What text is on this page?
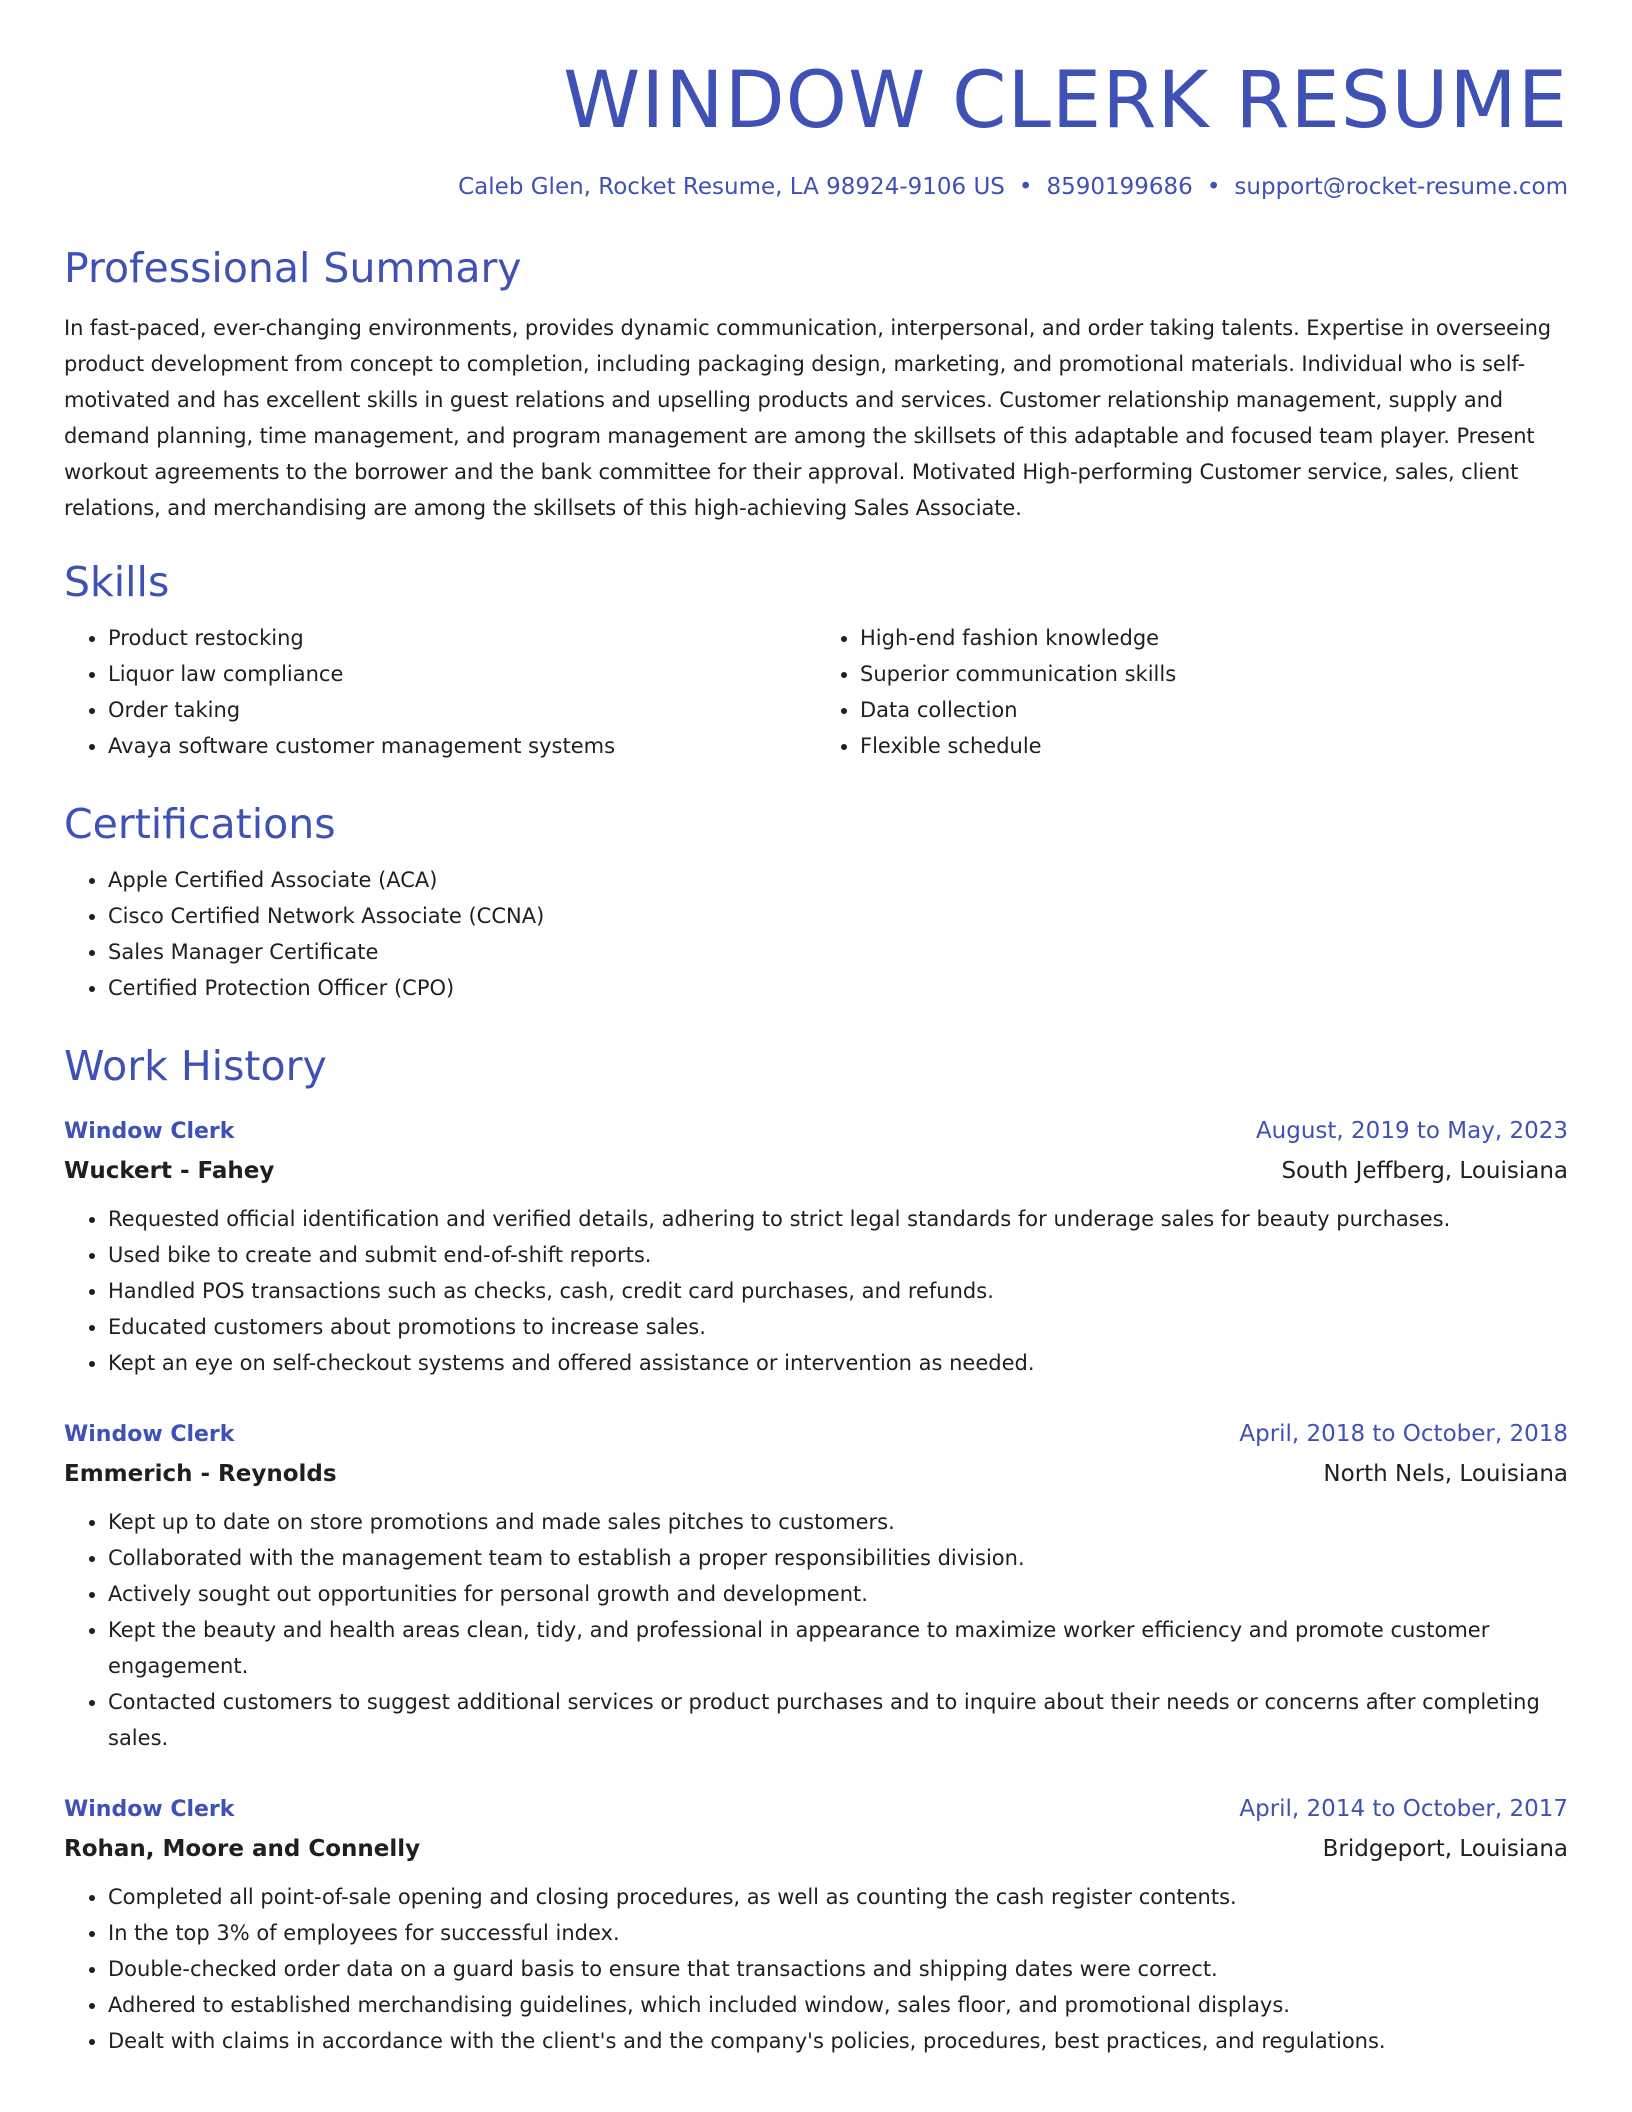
WINDOW CLERK RESUME
Caleb Glen, Rocket Resume, LA 98924-9106 US • 8590199686 • support@rocket-resume.com
Professional Summary

In fast-paced, ever-changing environments, provides dynamic communication, interpersonal, and order taking talents. Expertise in overseeing product development from concept to completion, including packaging design, marketing, and promotional materials. Individual who is self-motivated and has excellent skills in guest relations and upselling products and services. Customer relationship management, supply and demand planning, time management, and program management are among the skillsets of this adaptable and focused team player. Present workout agreements to the borrower and the bank committee for their approval. Motivated High-performing Customer service, sales, client relations, and merchandising are among the skillsets of this high-achieving Sales Associate.

Skills
• Product restocking
• Liquor law compliance
• Order taking
• Avaya software customer management systems
• High-end fashion knowledge
• Superior communication skills
• Data collection
• Flexible schedule
Certifications
• Apple Certified Associate (ACA)
• Cisco Certified Network Associate (CCNA)
• Sales Manager Certificate
• Certified Protection Officer (CPO)
Work History
Window Clerk	August, 2019 to May, 2023
Wuckert - Fahey	South Jeffberg, Louisiana
• Requested official identification and verified details, adhering to strict legal standards for underage sales for beauty purchases.
• Used bike to create and submit end-of-shift reports.
• Handled POS transactions such as checks, cash, credit card purchases, and refunds.
• Educated customers about promotions to increase sales.
• Kept an eye on self-checkout systems and offered assistance or intervention as needed.
Window Clerk	April, 2018 to October, 2018
Emmerich - Reynolds	North Nels, Louisiana
• Kept up to date on store promotions and made sales pitches to customers.
• Collaborated with the management team to establish a proper responsibilities division.
• Actively sought out opportunities for personal growth and development.
• Kept the beauty and health areas clean, tidy, and professional in appearance to maximize worker efficiency and promote customer engagement.
• Contacted customers to suggest additional services or product purchases and to inquire about their needs or concerns after completing sales.
Window Clerk	April, 2014 to October, 2017
Rohan, Moore and Connelly	Bridgeport, Louisiana
• Completed all point-of-sale opening and closing procedures, as well as counting the cash register contents.
• In the top 3% of employees for successful index.
• Double-checked order data on a guard basis to ensure that transactions and shipping dates were correct.
• Adhered to established merchandising guidelines, which included window, sales floor, and promotional displays.
• Dealt with claims in accordance with the client's and the company's policies, procedures, best practices, and regulations.
